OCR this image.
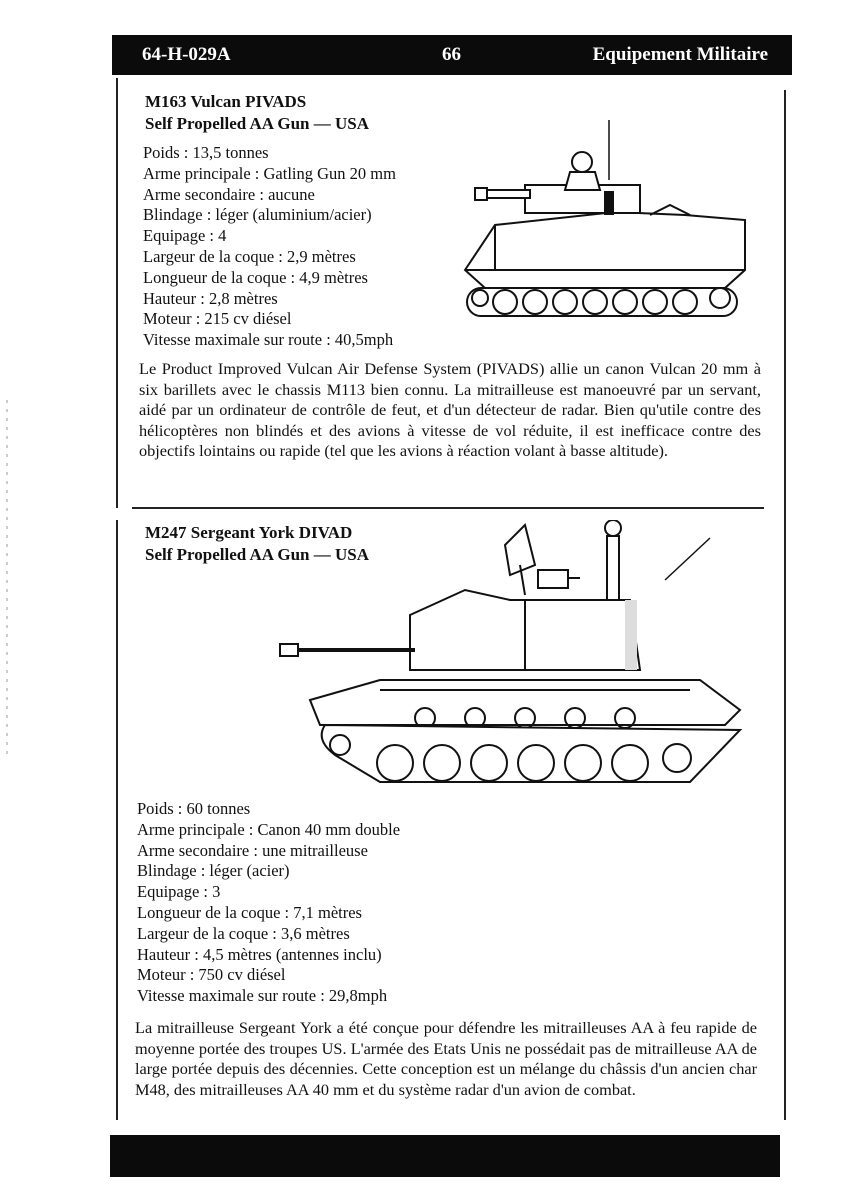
64-H-029A	66	Equipement Militaire
M163 Vulcan PIVADS
Self Propelled AA Gun — USA
Poids : 13,5 tonnes
Arme principale : Gatling Gun 20 mm
Arme secondaire : aucune
Blindage : léger (aluminium/acier)
Equipage : 4
Largeur de la coque : 2,9 mètres
Longueur de la coque : 4,9 mètres
Hauteur : 2,8 mètres
Moteur : 215 cv diésel
Vitesse maximale sur route : 40,5mph
Le Product Improved Vulcan Air Defense System (PIVADS) allie un canon Vulcan 20 mm à six barillets avec le chassis M113 bien connu. La mitrailleuse est manoeuvré par un servant, aidé par un ordinateur de contrôle de feut, et d'un détecteur de radar. Bien qu'utile contre des hélicoptères non blindés et des avions à vitesse de vol réduite, il est inefficace contre des objectifs lointains ou rapide (tel que les avions à réaction volant à basse altitude).
M247 Sergeant York DIVAD
Self Propelled AA Gun — USA
Poids : 60 tonnes
Arme principale : Canon 40 mm double
Arme secondaire : une mitrailleuse
Blindage : léger (acier)
Equipage : 3
Longueur de la coque : 7,1 mètres
Largeur de la coque : 3,6 mètres
Hauteur : 4,5 mètres (antennes inclu)
Moteur : 750 cv diésel
Vitesse maximale sur route : 29,8mph
La mitrailleuse Sergeant York a été conçue pour défendre les mitrailleuses AA à feu rapide de moyenne portée des troupes US. L'armée des Etats Unis ne possédait pas de mitrailleuse AA de large portée depuis des décennies. Cette conception est un mélange du châssis d'un ancien char M48, des mitrailleuses AA 40 mm et du système radar d'un avion de combat.
